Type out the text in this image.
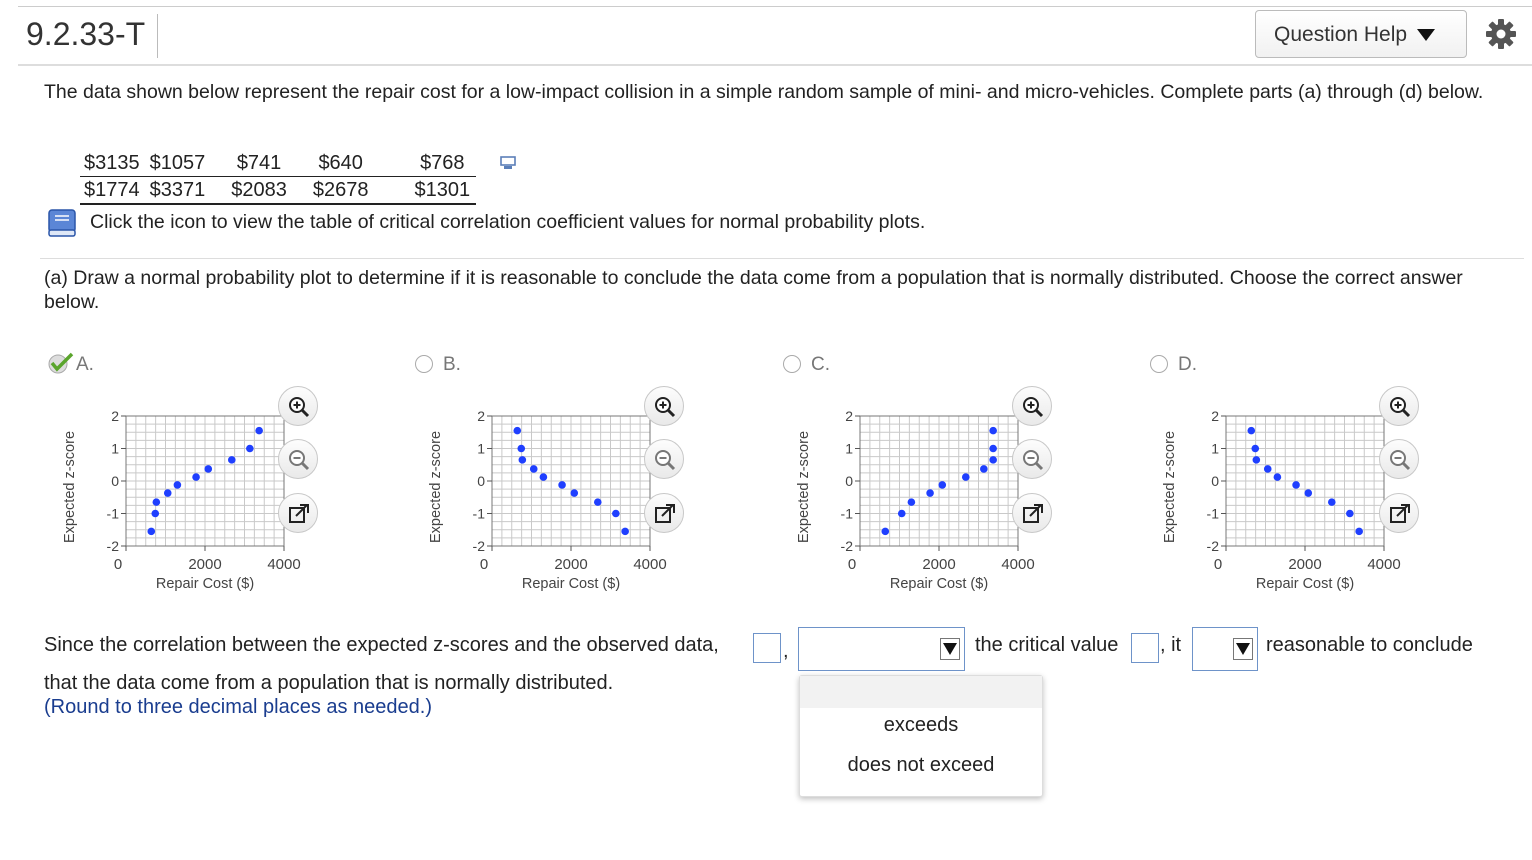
9.2.33-T	Question Help
The data shown below represent the repair cost for a low-impact collision in a simple random sample of mini- and micro-vehicles. Complete parts (a) through (d) below.
$3135	$1057	$741	$640	$768
$1774	$3371	$2083	$2678	$1301
Click the icon to view the table of critical correlation coefficient values for normal probability plots.
(a) Draw a normal probability plot to determine if it is reasonable to conclude the data come from a population that is normally distributed. Choose the correct answer below.
A.	B.	C.	D.
2
1
0
-1
-2
0	2000	4000
Repair Cost ($)
Expected z-score
2
1
0
-1
-2
0	2000	4000
Repair Cost ($)
Expected z-score
2
1
0
-1
-2
0	2000	4000
Repair Cost ($)
Expected z-score
2
1
0
-1
-2
0	2000	4000
Repair Cost ($)
Expected z-score
Since the correlation between the expected z-scores and the observed data,	,	the critical value , it	reasonable to conclude
that the data come from a population that is normally distributed.
(Round to three decimal places as needed.)
exceeds
does not exceed
